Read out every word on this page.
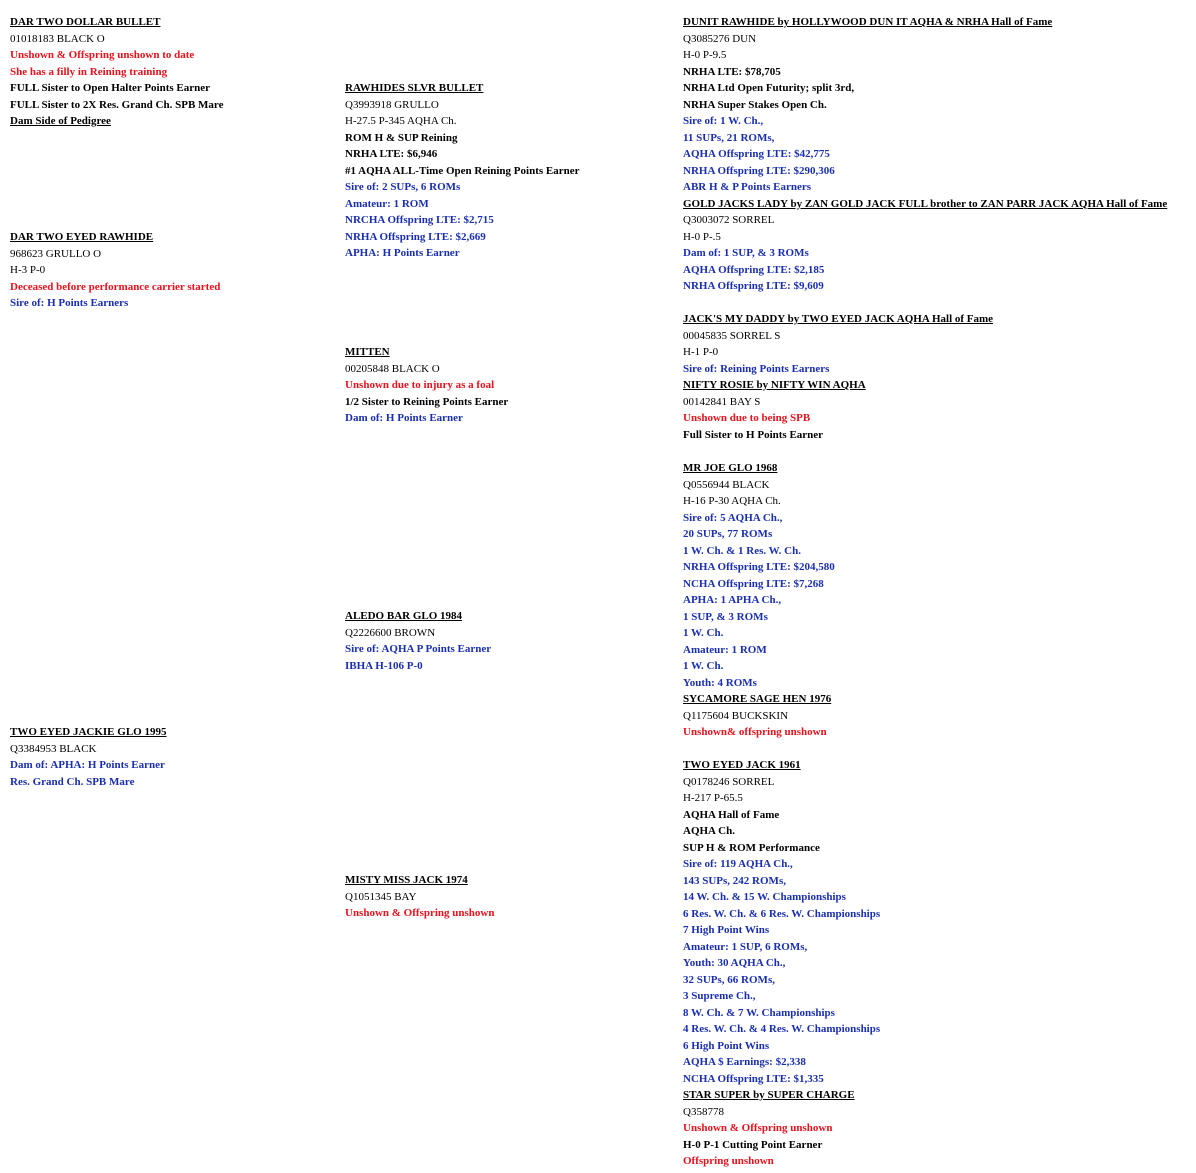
DAR TWO DOLLAR BULLET
01018183 BLACK O
Unshown & Offspring unshown to date
She has a filly in Reining training
FULL Sister to Open Halter Points Earner
FULL Sister to 2X Res. Grand Ch. SPB Mare
Dam Side of Pedigree
DAR TWO EYED RAWHIDE
968623 GRULLO O
H-3 P-0
Deceased before performance carrier started
Sire of: H Points Earners
TWO EYED JACKIE GLO 1995
Q3384953 BLACK
Dam of: APHA: H Points Earner
Res. Grand Ch. SPB Mare
RAWHIDES SLVR BULLET
Q3993918 GRULLO
H-27.5 P-345 AQHA Ch.
ROM H & SUP Reining
NRHA LTE: $6,946
#1 AQHA ALL-Time Open Reining Points Earner
Sire of: 2 SUPs, 6 ROMs
Amateur: 1 ROM
NRCHA Offspring LTE: $2,715
NRHA Offspring LTE: $2,669
APHA: H Points Earner
MITTEN
00205848 BLACK O
Unshown due to injury as a foal
1/2 Sister to Reining Points Earner
Dam of: H Points Earner
ALEDO BAR GLO 1984
Q2226600 BROWN
Sire of: AQHA P Points Earner
IBHA H-106 P-0
MISTY MISS JACK 1974
Q1051345 BAY
Unshown & Offspring unshown
DUNIT RAWHIDE by HOLLYWOOD DUN IT AQHA & NRHA Hall of Fame
Q3085276 DUN
H-0 P-9.5
NRHA LTE: $78,705
NRHA Ltd Open Futurity; split 3rd,
NRHA Super Stakes Open Ch.
Sire of: 1 W. Ch.,
11 SUPs, 21 ROMs,
AQHA Offspring LTE: $42,775
NRHA Offspring LTE: $290,306
ABR H & P Points Earners
GOLD JACKS LADY by ZAN GOLD JACK FULL brother to ZAN PARR JACK AQHA Hall of Fame
Q3003072 SORREL
H-0 P-.5
Dam of: 1 SUP, & 3 ROMs
AQHA Offspring LTE: $2,185
NRHA Offspring LTE: $9,609
JACK'S MY DADDY by TWO EYED JACK AQHA Hall of Fame
00045835 SORREL S
H-1 P-0
Sire of: Reining Points Earners
NIFTY ROSIE by NIFTY WIN AQHA
00142841 BAY S
Unshown due to being SPB
Full Sister to H Points Earner
MR JOE GLO 1968
Q0556944 BLACK
H-16 P-30 AQHA Ch.
Sire of: 5 AQHA Ch.,
20 SUPs, 77 ROMs
1 W. Ch. & 1 Res. W. Ch.
NRHA Offspring LTE: $204,580
NCHA Offspring LTE: $7,268
APHA: 1 APHA Ch.,
1 SUP, & 3 ROMs
1 W. Ch.
Amateur: 1 ROM
1 W. Ch.
Youth: 4 ROMs
SYCAMORE SAGE HEN 1976
Q1175604 BUCKSKIN
Unshown& offspring unshown
TWO EYED JACK 1961
Q0178246 SORREL
H-217 P-65.5
AQHA Hall of Fame
AQHA Ch.
SUP H & ROM Performance
Sire of: 119 AQHA Ch.,
143 SUPs, 242 ROMs,
14 W. Ch. & 15 W. Championships
6 Res. W. Ch. & 6 Res. W. Championships
7 High Point Wins
Amateur: 1 SUP, 6 ROMs,
Youth: 30 AQHA Ch.,
32 SUPs, 66 ROMs,
3 Supreme Ch.,
8 W. Ch. & 7 W. Championships
4 Res. W. Ch. & 4 Res. W. Championships
6 High Point Wins
AQHA $ Earnings: $2,338
NCHA Offspring LTE: $1,335
STAR SUPER by SUPER CHARGE
Q358778
Unshown & Offspring unshown
H-0 P-1 Cutting Point Earner
Offspring unshown
